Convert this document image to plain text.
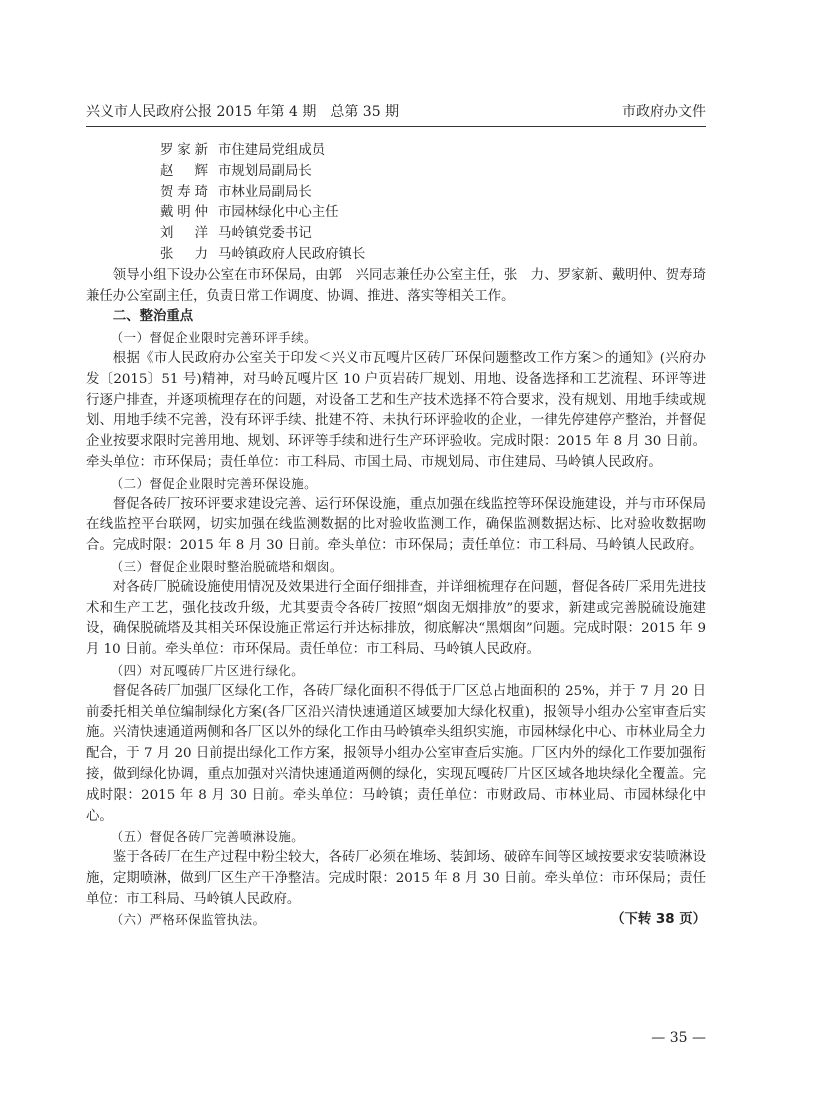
兴义市人民政府公报 2015 年第 4 期　总第 35 期	市政府办文件
罗家新 市住建局党组成员
赵　辉 市规划局副局长
贺寿琦 市林业局副局长
戴明仲 市园林绿化中心主任
刘　洋 马岭镇党委书记
张　力 马岭镇政府人民政府镇长

领导小组下设办公室在市环保局，由郭　兴同志兼任办公室主任，张　力、罗家新、戴明仲、贺寿琦兼任办公室副主任，负责日常工作调度、协调、推进、落实等相关工作。

二、整治重点

（一）督促企业限时完善环评手续。

根据《市人民政府办公室关于印发＜兴义市瓦嘎片区砖厂环保问题整改工作方案＞的通知》(兴府办发〔2015〕51 号)精神，对马岭瓦嘎片区 10 户页岩砖厂规划、用地、设备选择和工艺流程、环评等进行逐户排查，并逐项梳理存在的问题，对设备工艺和生产技术选择不符合要求，没有规划、用地手续或规划、用地手续不完善，没有环评手续、批建不符、未执行环评验收的企业，一律先停建停产整治，并督促企业按要求限时完善用地、规划、环评等手续和进行生产环评验收。完成时限：2015 年 8 月 30 日前。牵头单位：市环保局；责任单位：市工科局、市国土局、市规划局、市住建局、马岭镇人民政府。

（二）督促企业限时完善环保设施。

督促各砖厂按环评要求建设完善、运行环保设施，重点加强在线监控等环保设施建设，并与市环保局在线监控平台联网，切实加强在线监测数据的比对验收监测工作，确保监测数据达标、比对验收数据吻合。完成时限：2015 年 8 月 30 日前。牵头单位：市环保局；责任单位：市工科局、马岭镇人民政府。

（三）督促企业限时整治脱硫塔和烟囱。

对各砖厂脱硫设施使用情况及效果进行全面仔细排查，并详细梳理存在问题，督促各砖厂采用先进技术和生产工艺，强化技改升级，尤其要责令各砖厂按照“烟囱无烟排放”的要求，新建或完善脱硫设施建设，确保脱硫塔及其相关环保设施正常运行并达标排放，彻底解决“黑烟囱”问题。完成时限：2015 年 9 月 10 日前。牵头单位：市环保局。责任单位：市工科局、马岭镇人民政府。

（四）对瓦嘎砖厂片区进行绿化。

督促各砖厂加强厂区绿化工作，各砖厂绿化面积不得低于厂区总占地面积的 25%，并于 7 月 20 日前委托相关单位编制绿化方案(各厂区沿兴清快速通道区域要加大绿化权重)，报领导小组办公室审查后实施。兴清快速通道两侧和各厂区以外的绿化工作由马岭镇牵头组织实施，市园林绿化中心、市林业局全力配合，于 7 月 20 日前提出绿化工作方案，报领导小组办公室审查后实施。厂区内外的绿化工作要加强衔接，做到绿化协调，重点加强对兴清快速通道两侧的绿化，实现瓦嘎砖厂片区区域各地块绿化全覆盖。完成时限：2015 年 8 月 30 日前。牵头单位：马岭镇；责任单位：市财政局、市林业局、市园林绿化中心。

（五）督促各砖厂完善喷淋设施。

鉴于各砖厂在生产过程中粉尘较大，各砖厂必须在堆场、装卸场、破碎车间等区域按要求安装喷淋设施，定期喷淋，做到厂区生产干净整洁。完成时限：2015 年 8 月 30 日前。牵头单位：市环保局；责任单位：市工科局、马岭镇人民政府。

（六）严格环保监管执法。	（下转 38 页）
— 35 —
